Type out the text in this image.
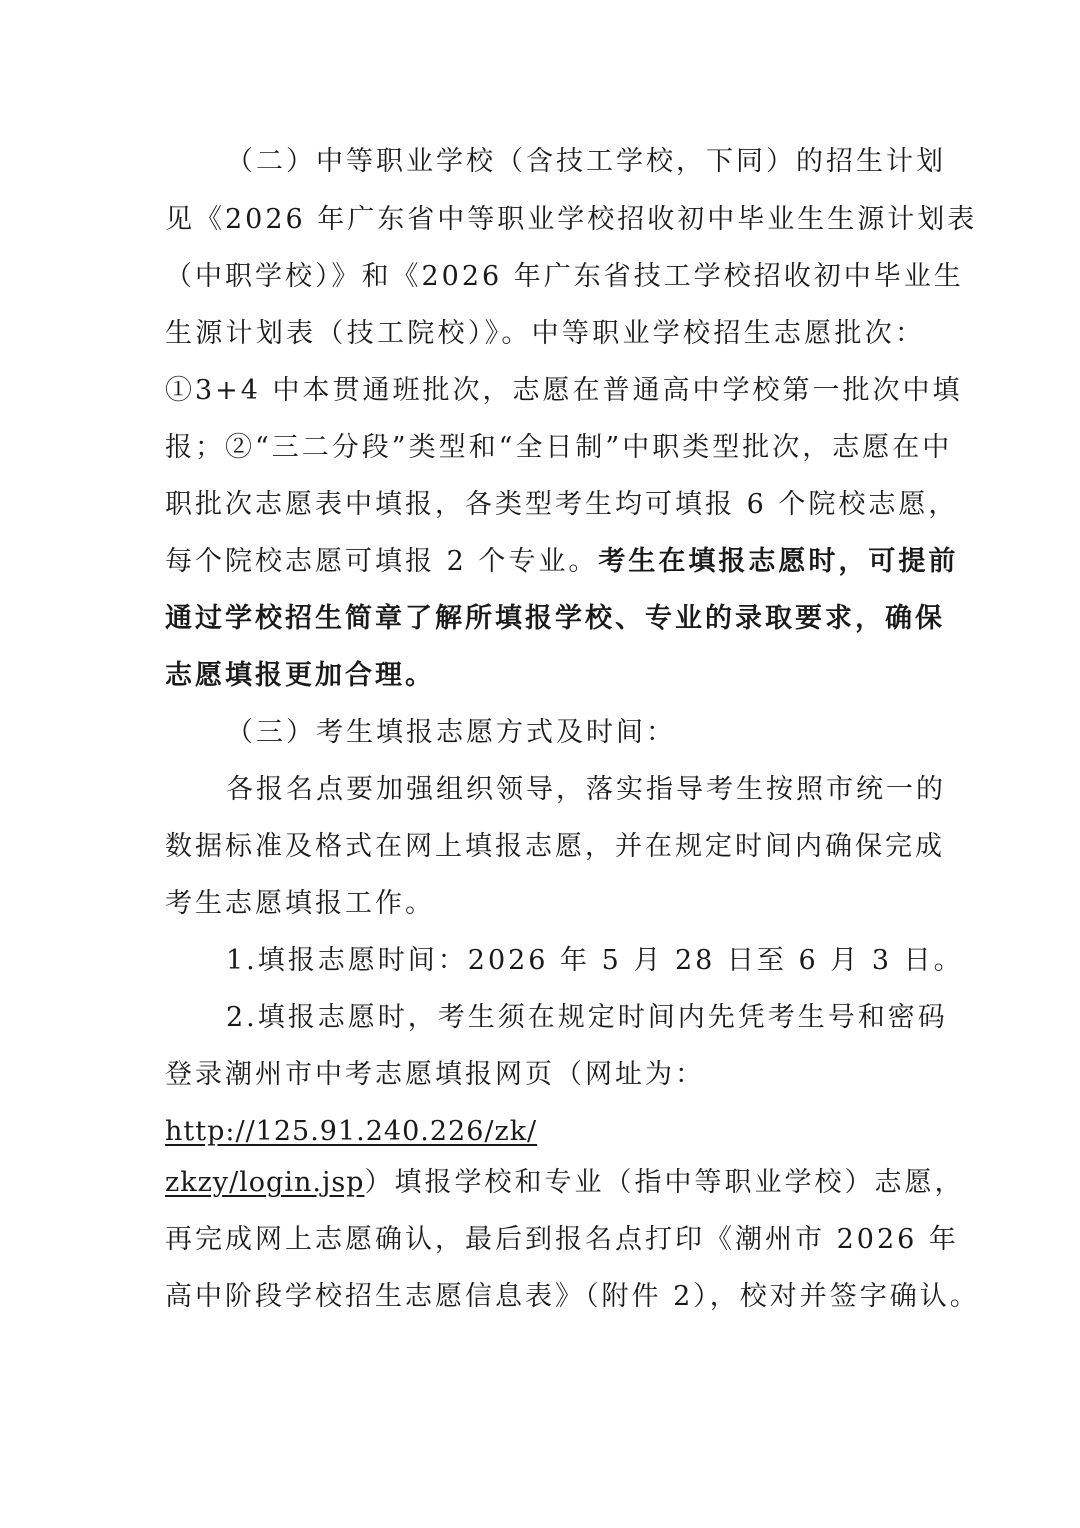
（二）中等职业学校（含技工学校，下同）的招生计划
见《2026 年广东省中等职业学校招收初中毕业生生源计划表
（中职学校）》和《2026 年广东省技工学校招收初中毕业生
生源计划表（技工院校）》。中等职业学校招生志愿批次：
①3+4 中本贯通班批次，志愿在普通高中学校第一批次中填
报；②“三二分段”类型和“全日制”中职类型批次，志愿在中
职批次志愿表中填报，各类型考生均可填报 6 个院校志愿，
每个院校志愿可填报 2 个专业。考生在填报志愿时，可提前
通过学校招生简章了解所填报学校、专业的录取要求，确保
志愿填报更加合理。
（三）考生填报志愿方式及时间：
各报名点要加强组织领导，落实指导考生按照市统一的
数据标准及格式在网上填报志愿，并在规定时间内确保完成
考生志愿填报工作。
1.填报志愿时间：2026 年 5 月 28 日至 6 月 3 日。
2.填报志愿时，考生须在规定时间内先凭考生号和密码
登录潮州市中考志愿填报网页（网址为：
http://125.91.240.226/zk/
zkzy/login.jsp）填报学校和专业（指中等职业学校）志愿，
再完成网上志愿确认，最后到报名点打印《潮州市 2026 年
高中阶段学校招生志愿信息表》（附件 2），校对并签字确认。
